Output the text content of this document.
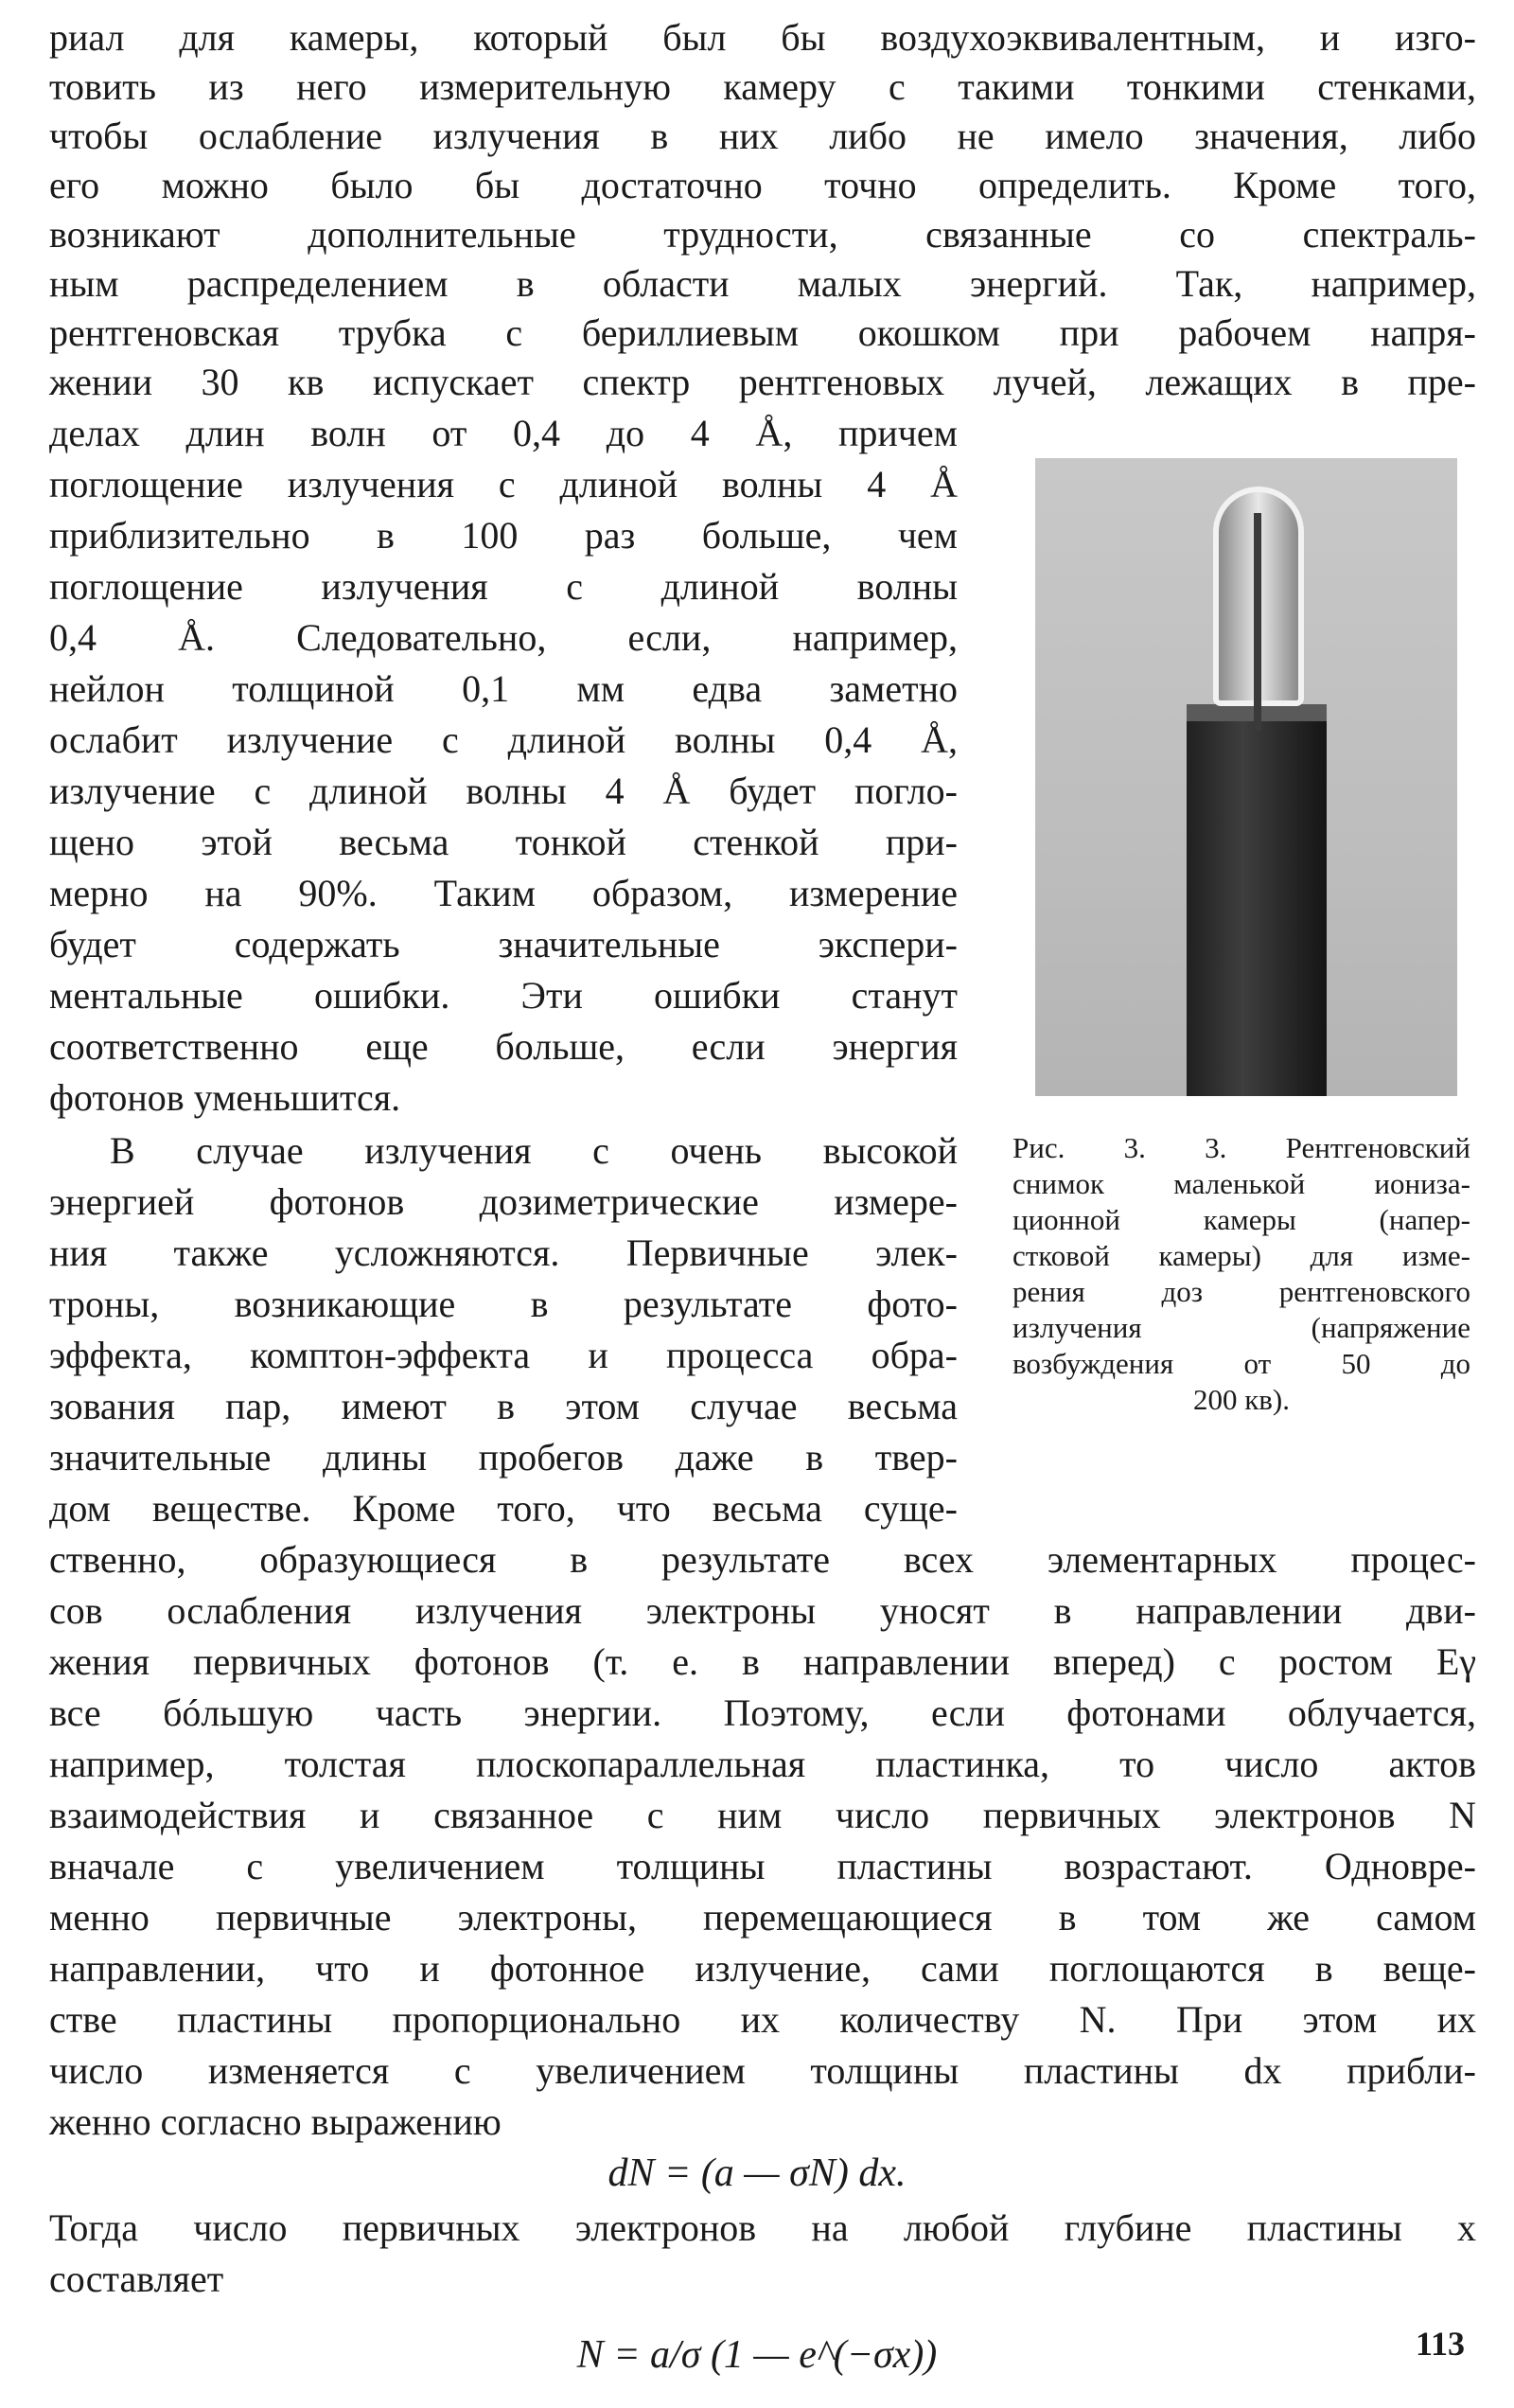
риал для камеры, который был бы воздухоэквивалентным, и изго-
товить из него измерительную камеру с такими тонкими стенками,
чтобы ослабление излучения в них либо не имело значения, либо
его можно было бы достаточно точно определить. Кроме того,
возникают дополнительные трудности, связанные со спектраль-
ным распределением в области малых энергий. Так, например,
рентгеновская трубка с бериллиевым окошком при рабочем напря-
жении 30 кв испускает спектр рентгеновых лучей, лежащих в пре-
делах длин волн от 0,4 до 4 Å, причем
поглощение излучения с длиной волны 4 Å
приблизительно в 100 раз больше, чем
поглощение излучения с длиной волны
0,4 Å. Следовательно, если, например,
нейлон толщиной 0,1 мм едва заметно
ослабит излучение с длиной волны 0,4 Å,
излучение с длиной волны 4 Å будет погло-
щено этой весьма тонкой стенкой при-
мерно на 90%. Таким образом, измерение
будет содержать значительные экспери-
ментальные ошибки. Эти ошибки станут
соответственно еще больше, если энергия
фотонов уменьшится.
В случае излучения с очень высокой
энергией фотонов дозиметрические измере-
ния также усложняются. Первичные элек-
троны, возникающие в результате фото-
эффекта, комптон-эффекта и процесса обра-
зования пар, имеют в этом случае весьма
значительные длины пробегов даже в твер-
дом веществе. Кроме того, что весьма суще-
ственно, образующиеся в результате всех элементарных процес-
сов ослабления излучения электроны уносят в направлении дви-
жения первичных фотонов (т. е. в направлении вперед) с ростом Eγ
все бóльшую часть энергии. Поэтому, если фотонами облучается,
например, толстая плоскопараллельная пластинка, то число актов
взаимодействия и связанное с ним число первичных электронов N
вначале с увеличением толщины пластины возрастают. Одновре-
менно первичные электроны, перемещающиеся в том же самом
направлении, что и фотонное излучение, сами поглощаются в веще-
стве пластины пропорционально их количеству N. При этом их
число изменяется с увеличением толщины пластины dx прибли-
женно согласно выражению
dN = (a — σN) dx.
Тогда число первичных электронов на любой глубине пластины x
составляет
N = a/σ (1 — e^(−σx))
Рис. 3. 3. Рентгеновский
снимок маленькой иониза-
ционной камеры (напер-
стковой камеры) для изме-
рения доз рентгеновского
излучения (напряжение
возбуждения от 50 до
200 кв).
113
